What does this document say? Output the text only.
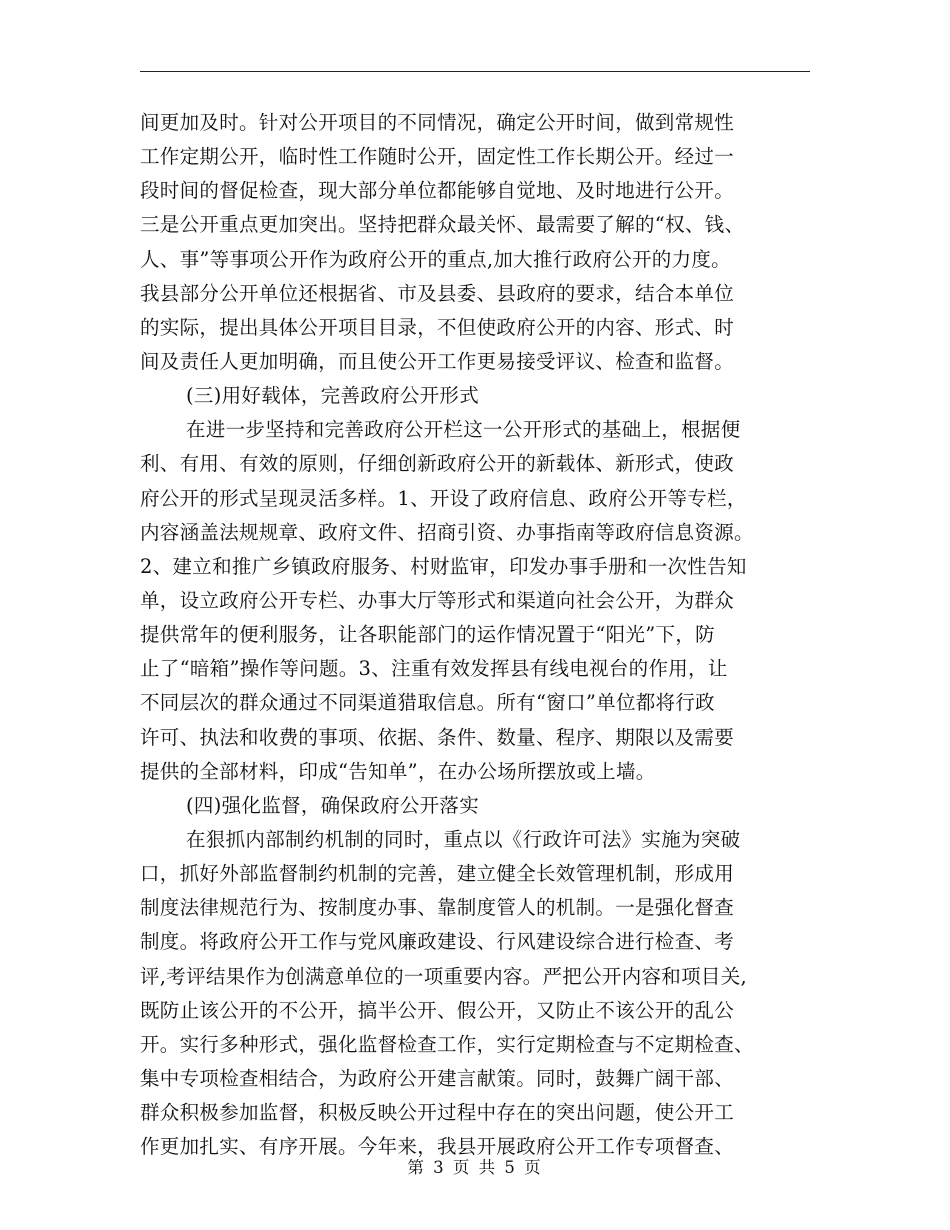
间更加及时。针对公开项目的不同情况，确定公开时间，做到常规性
工作定期公开，临时性工作随时公开，固定性工作长期公开。经过一
段时间的督促检查，现大部分单位都能够自觉地、及时地进行公开。
三是公开重点更加突出。坚持把群众最关怀、最需要了解的“权、钱、
人、事”等事项公开作为政府公开的重点,加大推行政府公开的力度。
我县部分公开单位还根据省、市及县委、县政府的要求，结合本单位
的实际，提出具体公开项目目录，不但使政府公开的内容、形式、时
间及责任人更加明确，而且使公开工作更易接受评议、检查和监督。
(三)用好载体，完善政府公开形式
在进一步坚持和完善政府公开栏这一公开形式的基础上，根据便
利、有用、有效的原则，仔细创新政府公开的新载体、新形式，使政
府公开的形式呈现灵活多样。1、开设了政府信息、政府公开等专栏，
内容涵盖法规规章、政府文件、招商引资、办事指南等政府信息资源。
2、建立和推广乡镇政府服务、村财监审，印发办事手册和一次性告知
单，设立政府公开专栏、办事大厅等形式和渠道向社会公开，为群众
提供常年的便利服务，让各职能部门的运作情况置于“阳光”下，防
止了“暗箱”操作等问题。3、注重有效发挥县有线电视台的作用，让
不同层次的群众通过不同渠道猎取信息。所有“窗口”单位都将行政
许可、执法和收费的事项、依据、条件、数量、程序、期限以及需要
提供的全部材料，印成“告知单”，在办公场所摆放或上墙。
(四)强化监督，确保政府公开落实
在狠抓内部制约机制的同时，重点以《行政许可法》实施为突破
口，抓好外部监督制约机制的完善，建立健全长效管理机制，形成用
制度法律规范行为、按制度办事、靠制度管人的机制。一是强化督查
制度。将政府公开工作与党风廉政建设、行风建设综合进行检查、考
评,考评结果作为创满意单位的一项重要内容。严把公开内容和项目关,
既防止该公开的不公开，搞半公开、假公开，又防止不该公开的乱公
开。实行多种形式，强化监督检查工作，实行定期检查与不定期检查、
集中专项检查相结合，为政府公开建言献策。同时，鼓舞广阔干部、
群众积极参加监督，积极反映公开过程中存在的突出问题，使公开工
作更加扎实、有序开展。今年来，我县开展政府公开工作专项督查、
第 3 页 共 5 页
